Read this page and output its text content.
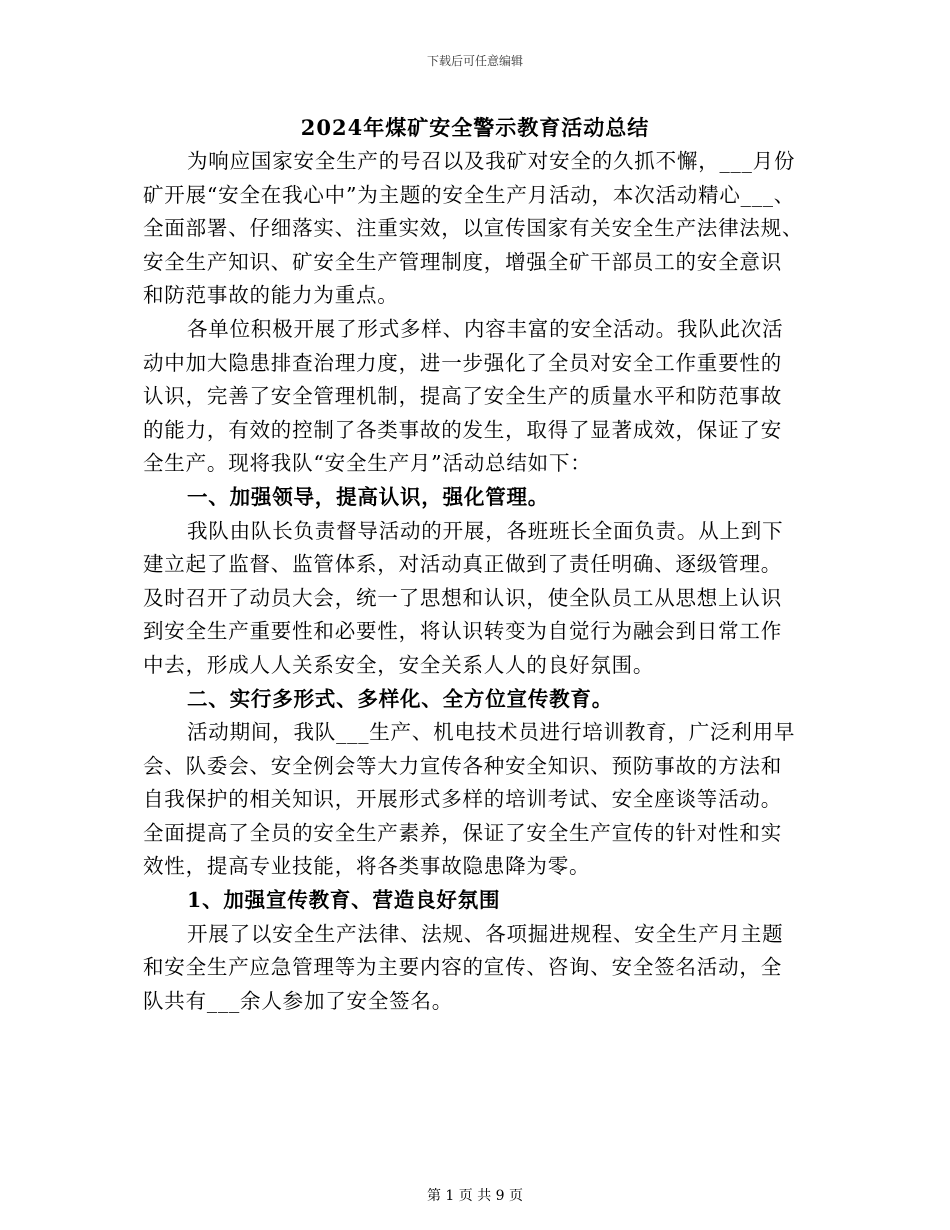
下载后可任意编辑
2024年煤矿安全警示教育活动总结
为响应国家安全生产的号召以及我矿对安全的久抓不懈，___月份
矿开展“安全在我心中”为主题的安全生产月活动，本次活动精心___、
全面部署、仔细落实、注重实效，以宣传国家有关安全生产法律法规、
安全生产知识、矿安全生产管理制度，增强全矿干部员工的安全意识
和防范事故的能力为重点。
各单位积极开展了形式多样、内容丰富的安全活动。我队此次活
动中加大隐患排查治理力度，进一步强化了全员对安全工作重要性的
认识，完善了安全管理机制，提高了安全生产的质量水平和防范事故
的能力，有效的控制了各类事故的发生，取得了显著成效，保证了安
全生产。现将我队“安全生产月”活动总结如下：
一、加强领导，提高认识，强化管理。
我队由队长负责督导活动的开展，各班班长全面负责。从上到下
建立起了监督、监管体系，对活动真正做到了责任明确、逐级管理。
及时召开了动员大会，统一了思想和认识，使全队员工从思想上认识
到安全生产重要性和必要性，将认识转变为自觉行为融会到日常工作
中去，形成人人关系安全，安全关系人人的良好氛围。
二、实行多形式、多样化、全方位宣传教育。
活动期间，我队___生产、机电技术员进行培训教育，广泛利用早
会、队委会、安全例会等大力宣传各种安全知识、预防事故的方法和
自我保护的相关知识，开展形式多样的培训考试、安全座谈等活动。
全面提高了全员的安全生产素养，保证了安全生产宣传的针对性和实
效性，提高专业技能，将各类事故隐患降为零。
1、加强宣传教育、营造良好氛围
开展了以安全生产法律、法规、各项掘进规程、安全生产月主题
和安全生产应急管理等为主要内容的宣传、咨询、安全签名活动，全
队共有___余人参加了安全签名。
第 1 页 共 9 页
